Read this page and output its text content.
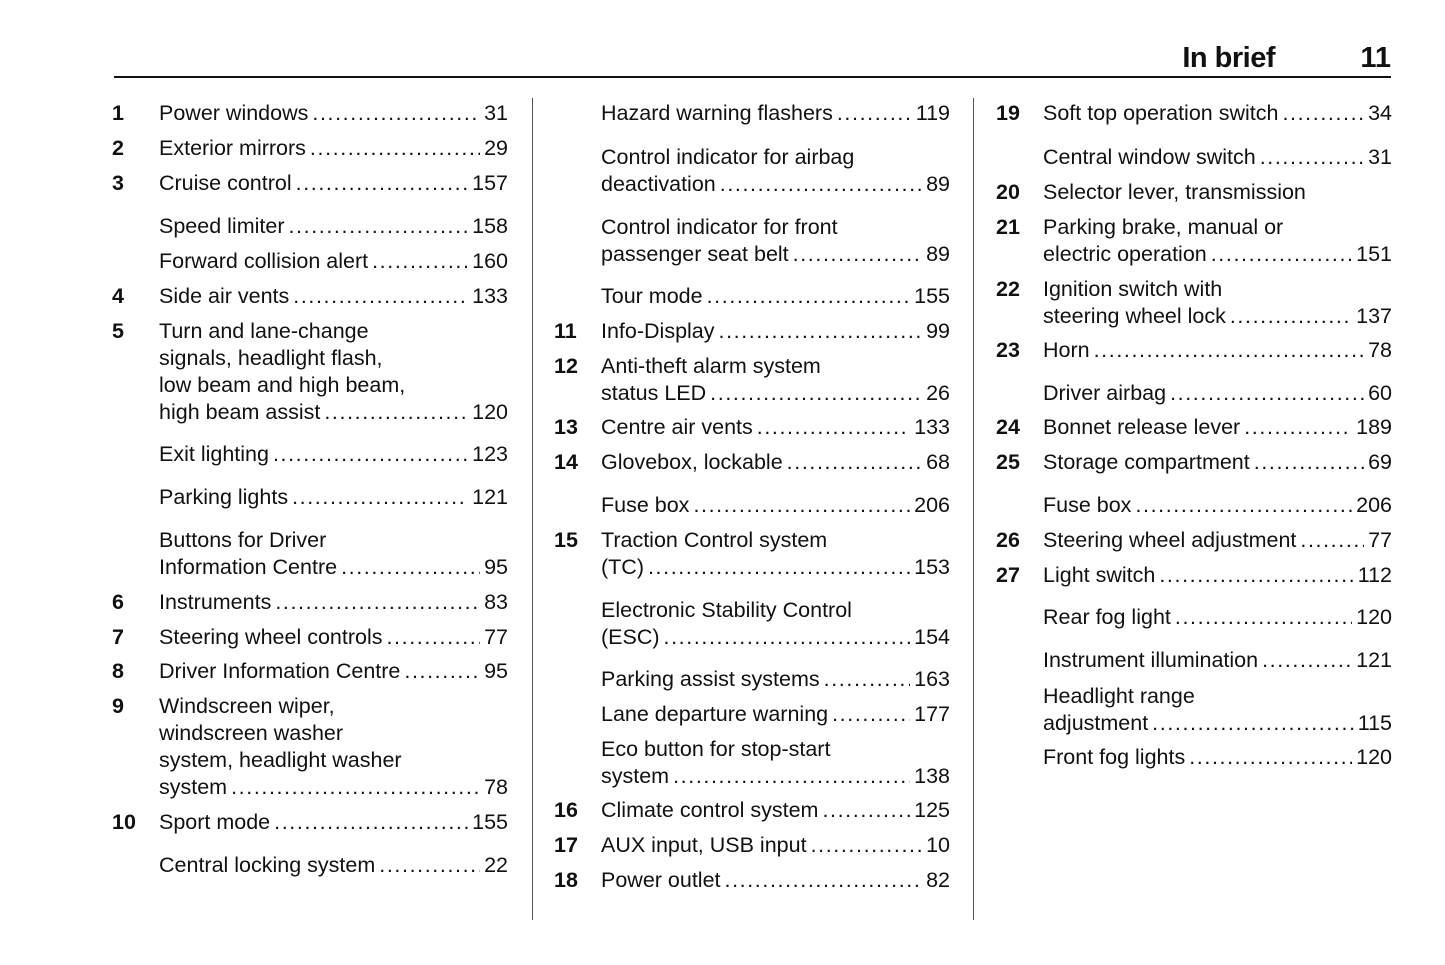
In brief	11
1 Power windows .....	31
2 Exterior mirrors .....	29
3 Cruise control .....	157
Speed limiter .....	158
Forward collision alert .....	160
4 Side air vents .....	133
5 Turn and lane-change
signals, headlight flash,
low beam and high beam,
high beam assist .....	120
Exit lighting .....	123
Parking lights .....	121
Buttons for Driver
Information Centre .....	95
6 Instruments .....	83
7 Steering wheel controls .....	77
8 Driver Information Centre .....	95
9 Windscreen wiper,
windscreen washer
system, headlight washer
system .....	78
10 Sport mode .....	155
Central locking system .....	22
Hazard warning flashers .....	119
Control indicator for airbag
deactivation .....	89
Control indicator for front
passenger seat belt .....	89
Tour mode .....	155
11 Info-Display .....	99
12 Anti-theft alarm system
status LED .....	26
13 Centre air vents .....	133
14 Glovebox, lockable .....	68
Fuse box .....	206
15 Traction Control system
(TC) .....	153
Electronic Stability Control
(ESC) .....	154
Parking assist systems .....	163
Lane departure warning .....	177
Eco button for stop-start
system .....	138
16 Climate control system .....	125
17 AUX input, USB input .....	10
18 Power outlet .....	82
19 Soft top operation switch .....	34
Central window switch .....	31
20 Selector lever, transmission
21 Parking brake, manual or
electric operation .....	151
22 Ignition switch with
steering wheel lock .....	137
23 Horn .....	78
Driver airbag .....	60
24 Bonnet release lever .....	189
25 Storage compartment .....	69
Fuse box .....	206
26 Steering wheel adjustment .....	77
27 Light switch .....	112
Rear fog light .....	120
Instrument illumination .....	121
Headlight range
adjustment .....	115
Front fog lights .....	120
